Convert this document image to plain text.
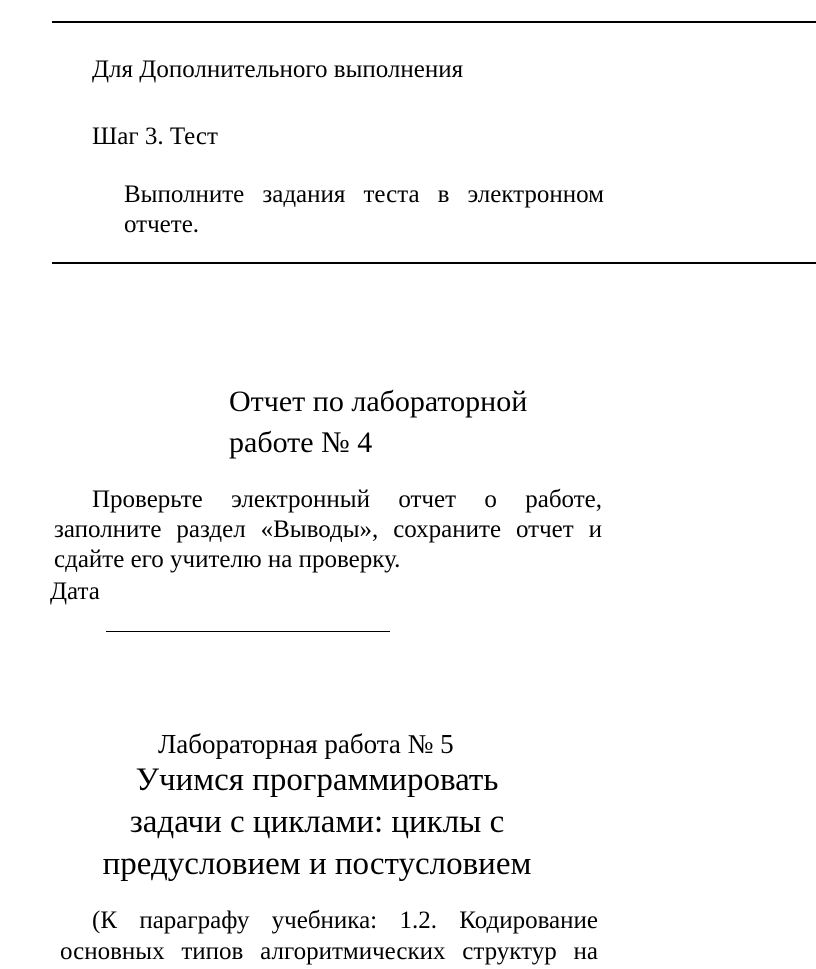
Для Дополнительного выполнения

Шаг 3. Тест

Выполните задания теста в электронном

отчете.

Отчет по лабораторной
работе № 4

Проверьте электронный отчет о работе,

заполните раздел «Выводы», сохраните отчет и

сдайте его учителю на проверку.

Дата

Лабораторная работа № 5
Учимся программировать
задачи с циклами: циклы с
предусловием и постусловием

(К параграфу учебника: 1.2. Кодирование

основных типов алгоритмических структур на
